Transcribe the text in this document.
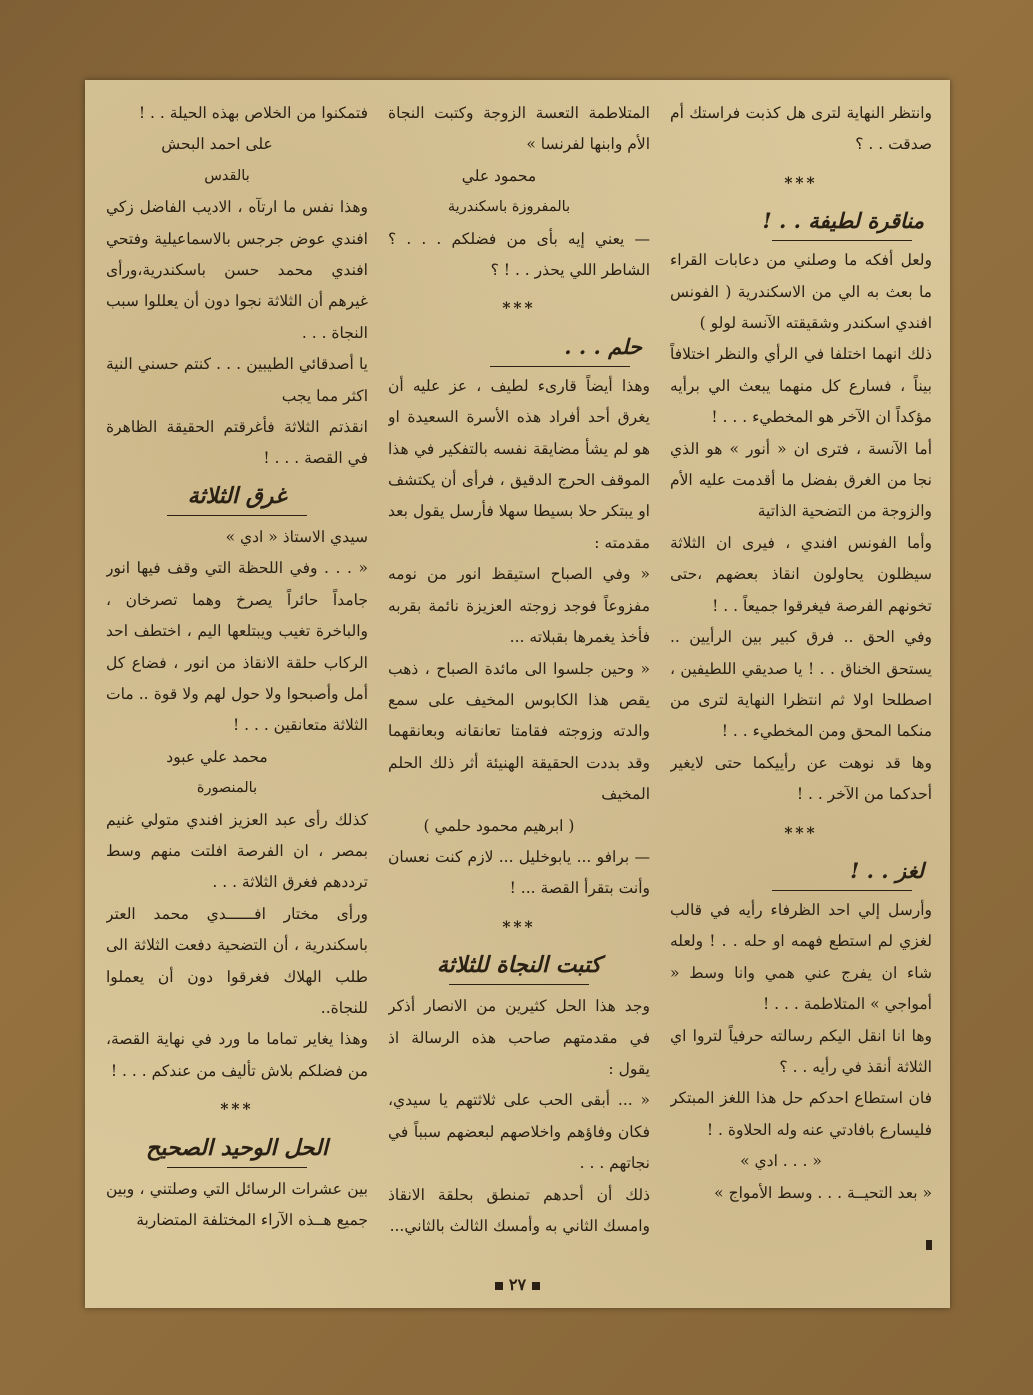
وانتظر النهاية لترى هل كذبت فراستك أم صدقت . . ؟

***
مناقرة لطيفة . . !

ولعل أفكه ما وصلني من دعابات القراء ما بعث به الي من الاسكندرية ( الفونس افندي اسكندر وشقيقته الآنسة لولو )

ذلك انهما اختلفا في الرأي والنظر اختلافاً بيناً ، فسارع كل منهما يبعث الي برأيه مؤكداً ان الآخر هو المخطيء . . . !

أما الآنسة ، فترى ان « أنور » هو الذي نجا من الغرق بفضل ما أقدمت عليه الأم والزوجة من التضحية الذاتية

وأما الفونس افندي ، فيرى ان الثلاثة سيظلون يحاولون انقاذ بعضهم ،حتى تخونهم الفرصة فيغرقوا جميعاً . . !

وفي الحق .. فرق كبير بين الرأيين .. يستحق الخناق . . ! يا صديقي اللطيفين ، اصطلحا اولا ثم انتظرا النهاية لترى من منكما المحق ومن المخطيء . . !

وها قد نوهت عن رأييكما حتى لايغير أحدكما من الآخر . . !

***
لغز . . !

وأرسل إلي احد الظرفاء رأيه في قالب لغزي لم استطع فهمه او حله . . ! ولعله شاء ان يفرج عني همي وانا وسط « أمواجي » المتلاطمة . . . !

وها انا انقل اليكم رسالته حرفياً لتروا اي الثلاثة أنقذ في رأيه . . ؟

فان استطاع احدكم حل هذا اللغز المبتكر فليسارع بافادتي عنه وله الحلاوة . !

« . . . ادي »

« بعد التحيــة . . . وسط الأمواج »

المتلاطمة التعسة الزوجة وكتبت النجاة الأم وابنها لفرنسا »

محمود علي
بالمفروزة باسكندرية

— يعني إيه بأى من فضلكم . . . ؟ الشاطر اللي يحذر . . ! ؟

***
حلم . . .

وهذا أيضاً قارىء لطيف ، عز عليه أن يغرق أحد أفراد هذه الأسرة السعيدة او هو لم يشأ مضايقة نفسه بالتفكير في هذا الموقف الحرج الدقيق ، فرأى أن يكتشف او يبتكر حلا بسيطا سهلا فأرسل يقول بعد مقدمته :

« وفي الصباح استيقظ انور من نومه مفزوعاً فوجد زوجته العزيزة نائمة بقربه فأخذ يغمرها بقبلاته ...

« وحين جلسوا الى مائدة الصباح ، ذهب يقص هذا الكابوس المخيف على سمع والدته وزوجته فقامتا تعانقانه وبعانقهما وقد بددت الحقيقة الهنيئة أثر ذلك الحلم المخيف

( ابرهيم محمود حلمي )

— برافو ... يابوخليل ... لازم كنت نعسان وأنت بتقرأ القصة ... !

***
كتبت النجاة للثلاثة

وجد هذا الحل كثيرين من الانصار أذكر في مقدمتهم صاحب هذه الرسالة اذ يقول :

« ... أبقى الحب على ثلاثتهم يا سيدي، فكان وفاؤهم واخلاصهم لبعضهم سبباً في نجاتهم . . .

ذلك أن أحدهم تمنطق بحلقة الانقاذ وامسك الثاني به وأمسك الثالث بالثاني...

فتمكنوا من الخلاص بهذه الحيلة . . !

على احمد البحش
بالقدس

وهذا نفس ما ارتآه ، الاديب الفاضل زكي افندي عوض جرجس بالاسماعيلية وفتحي افندي محمد حسن باسكندرية،ورأى غيرهم أن الثلاثة نجوا دون أن يعللوا سبب النجاة . . .

يا أصدقائي الطيبين . . . كنتم حسني النية اكثر مما يجب

انقذتم الثلاثة فأغرقتم الحقيقة الظاهرة في القصة . . . !

غرق الثلاثة

سيدي الاستاذ « ادي »

« . . . وفي اللحظة التي وقف فيها انور جامداً حائراً يصرخ وهما تصرخان ، والباخرة تغيب ويبتلعها اليم ، اختطف احد الركاب حلقة الانقاذ من انور ، فضاع كل أمل وأصبحوا ولا حول لهم ولا قوة .. مات الثلاثة متعانقين . . . !

محمد علي عبود
بالمنصورة

كذلك رأى عبد العزيز افندي متولي غنيم بمصر ، ان الفرصة افلتت منهم وسط ترددهم فغرق الثلاثة . . .

ورأى مختار افــــــدي محمد العتر باسكندرية ، أن التضحية دفعت الثلاثة الى طلب الهلاك فغرقوا دون أن يعملوا للنجاة..

وهذا يغاير تماما ما ورد في نهاية القصة، من فضلكم بلاش تأليف من عندكم . . . !

***
الحل الوحيد الصحيح

بين عشرات الرسائل التي وصلتني ، وبين جميع هــذه الآراء المختلفة المتضاربة

٢٧
